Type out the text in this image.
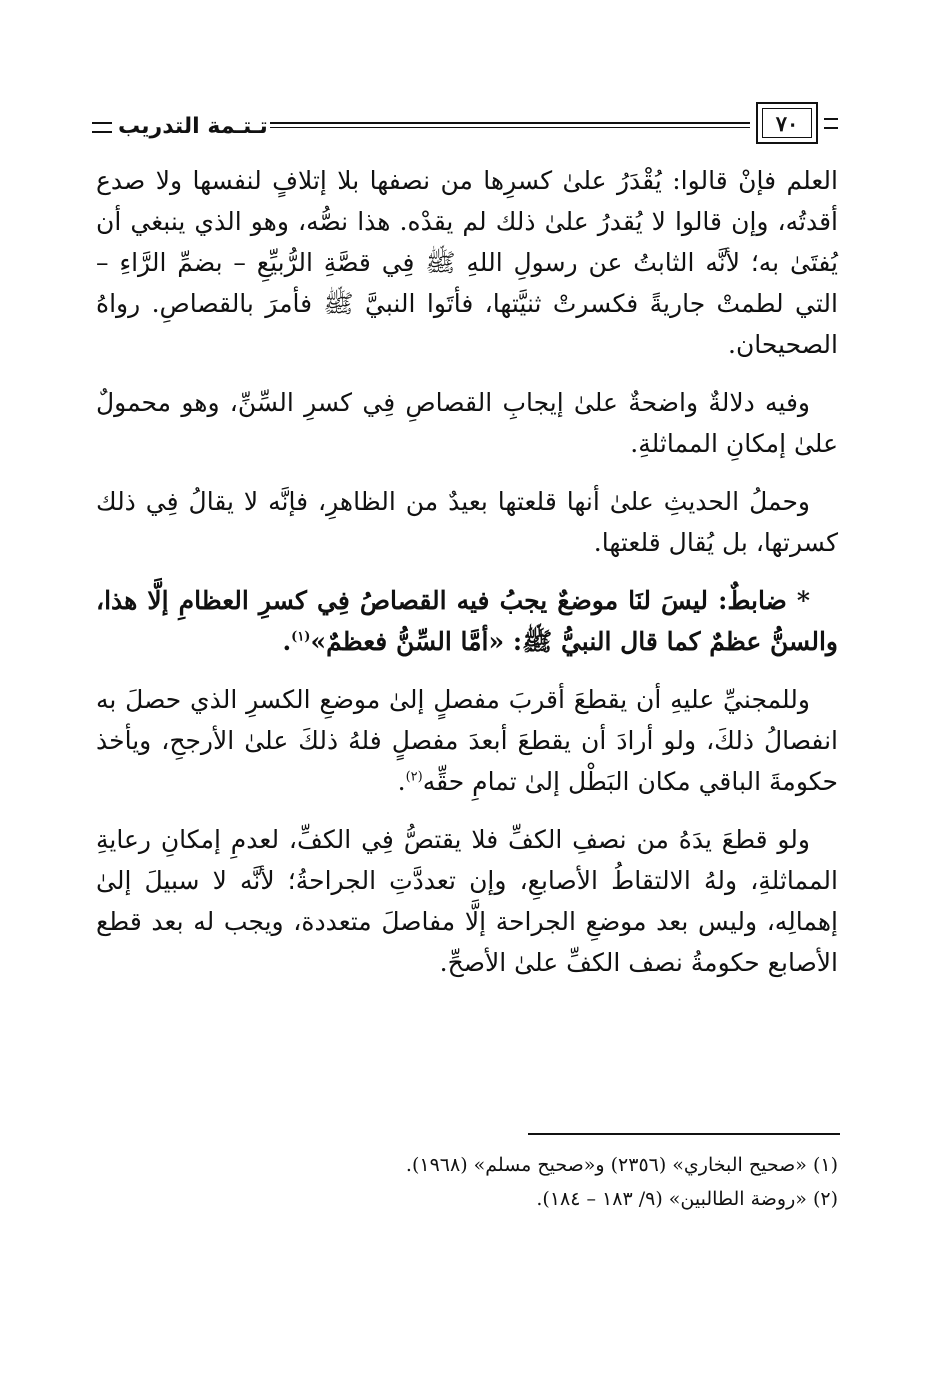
تـتـمة التدريب	٧٠

العلم فإنْ قالوا: يُقْدَرُ علىٰ كسرِها من نصفها بلا إتلافٍ لنفسها ولا صدع أقدتُه، وإن قالوا لا يُقدرُ علىٰ ذلك لم يقدْه. هذا نصُّه، وهو الذي ينبغي أن يُفتَىٰ به؛ لأنَّه الثابتُ عن رسولِ اللهِ ﷺ فِي قصَّةِ الرُّبيِّعِ – بضمِّ الرَّاءِ – التي لطمتْ جاريةً فكسرتْ ثنيَّتها، فأتَوا النبيَّ ﷺ فأمرَ بالقصاصِ. رواهُ الصحيحان.

وفيه دلالةٌ واضحةٌ علىٰ إيجابِ القصاصِ فِي كسرِ السِّنِّ، وهو محمولٌ علىٰ إمكانِ المماثلةِ.

وحملُ الحديثِ علىٰ أنها قلعتها بعيدٌ من الظاهرِ، فإنَّه لا يقالُ فِي ذلك كسرتها، بل يُقال قلعتها.

* ضابطٌ: ليسَ لنَا موضعٌ يجبُ فيه القصاصُ فِي كسرِ العظامِ إلَّا هذا، والسنُّ عظمٌ كما قال النبيُّ ﷺ: «أمَّا السِّنُّ فعظمٌ»$^{(١)}$.

وللمجنيِّ عليهِ أن يقطعَ أقربَ مفصلٍ إلىٰ موضعِ الكسرِ الذي حصلَ به انفصالُ ذلكَ، ولو أرادَ أن يقطعَ أبعدَ مفصلٍ فلهُ ذلكَ علىٰ الأرجحِ، ويأخذ حكومةَ الباقي مكان البَطْل إلىٰ تمامِ حقِّه$^{(٢)}$.

ولو قطعَ يدَهُ من نصفِ الكفِّ فلا يقتصُّ فِي الكفِّ، لعدمِ إمكانِ رعايةِ المماثلةِ، ولهُ الالتقاطُ الأصابعِ، وإن تعددَّتِ الجراحةُ؛ لأنَّه لا سبيلَ إلىٰ إهمالِه، وليس بعد موضعِ الجراحة إلَّا مفاصلَ متعددة، ويجب له بعد قطع الأصابع حكومةُ نصف الكفِّ علىٰ الأصحِّ.

(١) «صحيح البخاري» (٢٣٥٦) و«صحيح مسلم» (١٩٦٨).

(٢) «روضة الطالبين» (٩/ ١٨٣ – ١٨٤).
